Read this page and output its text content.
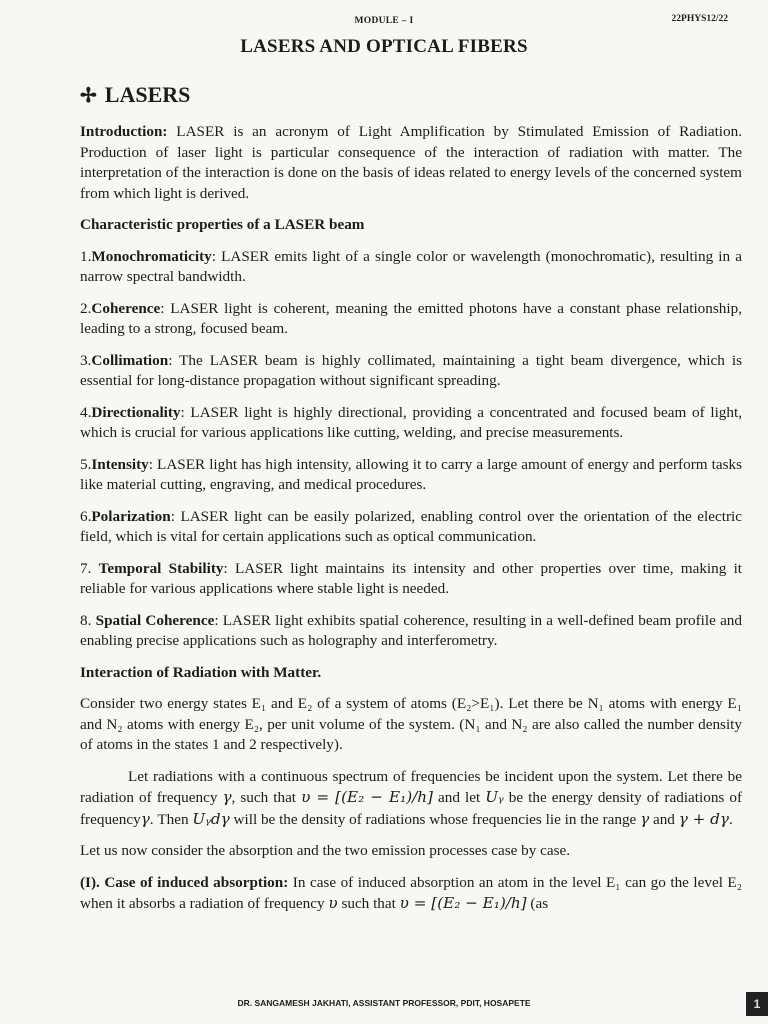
MODULE – I	22PHYS12/22
LASERS AND OPTICAL FIBERS
✢ LASERS

Introduction: LASER is an acronym of Light Amplification by Stimulated Emission of Radiation. Production of laser light is particular consequence of the interaction of radiation with matter. The interpretation of the interaction is done on the basis of ideas related to energy levels of the concerned system from which light is derived.

Characteristic properties of a LASER beam

1.Monochromaticity: LASER emits light of a single color or wavelength (monochromatic), resulting in a narrow spectral bandwidth.

2.Coherence: LASER light is coherent, meaning the emitted photons have a constant phase relationship, leading to a strong, focused beam.

3.Collimation: The LASER beam is highly collimated, maintaining a tight beam divergence, which is essential for long-distance propagation without significant spreading.

4.Directionality: LASER light is highly directional, providing a concentrated and focused beam of light, which is crucial for various applications like cutting, welding, and precise measurements.

5.Intensity: LASER light has high intensity, allowing it to carry a large amount of energy and perform tasks like material cutting, engraving, and medical procedures.

6.Polarization: LASER light can be easily polarized, enabling control over the orientation of the electric field, which is vital for certain applications such as optical communication.

7. Temporal Stability: LASER light maintains its intensity and other properties over time, making it reliable for various applications where stable light is needed.

8. Spatial Coherence: LASER light exhibits spatial coherence, resulting in a well-defined beam profile and enabling precise applications such as holography and interferometry.

Interaction of Radiation with Matter.

Consider two energy states E₁ and E₂ of a system of atoms (E₂>E₁). Let there be N₁ atoms with energy E₁ and N₂ atoms with energy E₂, per unit volume of the system. (N₁ and N₂ are also called the number density of atoms in the states 1 and 2 respectively).

Let radiations with a continuous spectrum of frequencies be incident upon the system. Let there be radiation of frequency γ, such that υ = [(E₂ − E₁)/h] and let Uᵧ be the energy density of radiations of frequencyγ. Then Uᵧdγ will be the density of radiations whose frequencies lie in the range γ and γ + dγ.

Let us now consider the absorption and the two emission processes case by case.

(I). Case of induced absorption: In case of induced absorption an atom in the level E₁ can go the level E₂ when it absorbs a radiation of frequency υ such that υ = [(E₂ − E₁)/h] (as

DR. SANGAMESH JAKHATI, ASSISTANT PROFESSOR, PDIT, HOSAPETE	1
